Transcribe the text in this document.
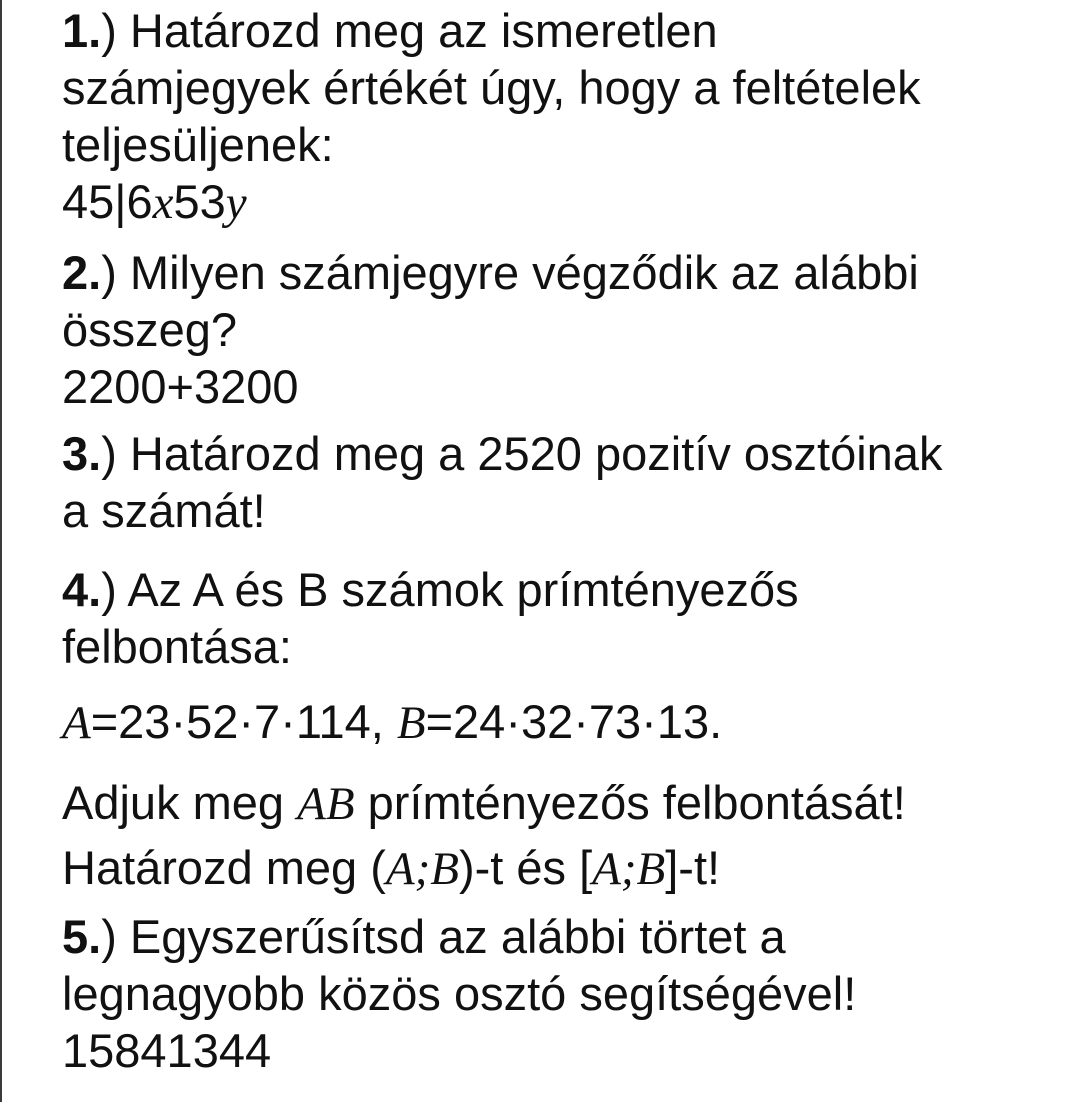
1.) Határozd meg az ismeretlen
számjegyek értékét úgy, hogy a feltételek
teljesüljenek:
45|6x53y
2.) Milyen számjegyre végződik az alábbi
összeg?
2200+3200
3.) Határozd meg a 2520 pozitív osztóinak
a számát!
4.) Az A és B számok prímtényezős
felbontása:
A=23·52·7·114, B=24·32·73·13.
Adjuk meg AB prímtényezős felbontását!
Határozd meg (A;B)-t és [A;B]-t!
5.) Egyszerűsítsd az alábbi törtet a
legnagyobb közös osztó segítségével!
15841344
